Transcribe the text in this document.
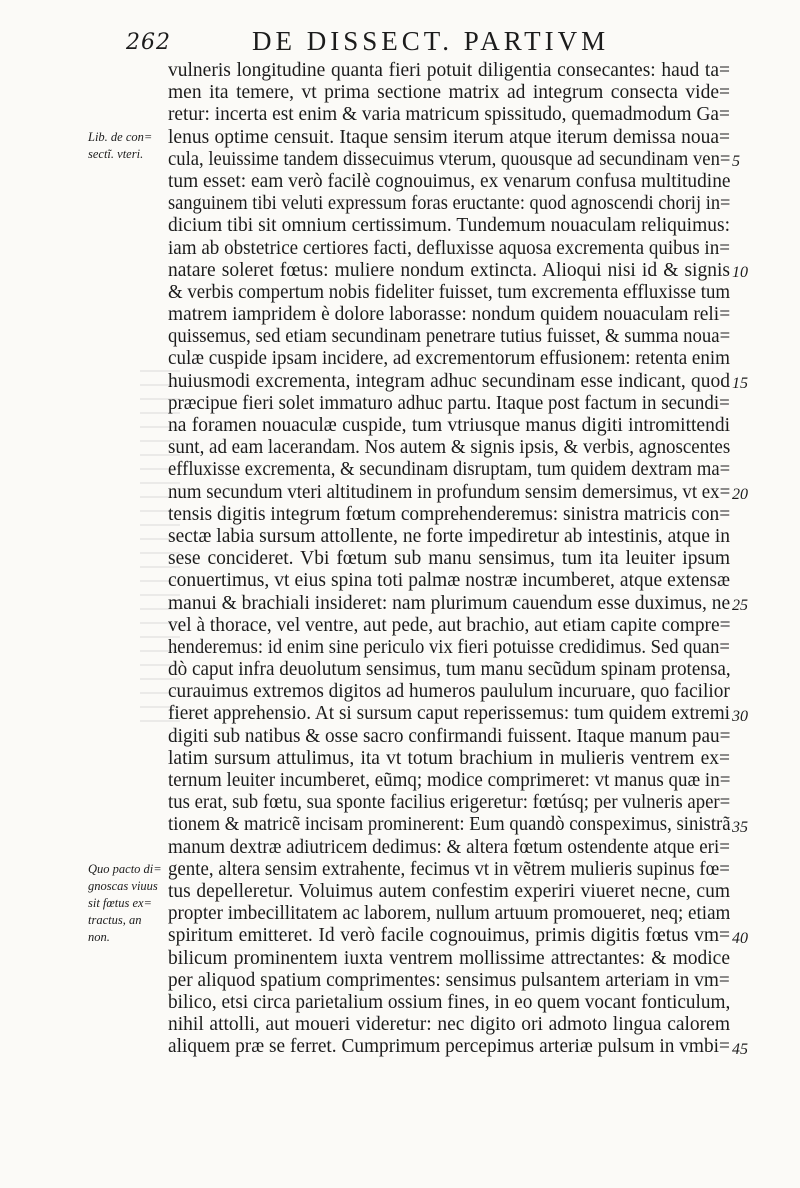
262	DE DISSECT. PARTIVM
vulneris longitudine quanta fieri potuit diligentia consecantes: haud ta=
men ita temere, vt prima sectione matrix ad integrum consecta vide=
retur: incerta est enim & varia matricum spissitudo, quemadmodum Ga=
lenus optime censuit. Itaque sensim iterum atque iterum demissa noua=
cula, leuissime tandem dissecuimus vterum, quousque ad secundinam ven=
tum esset: eam verò facilè cognouimus, ex venarum confusa multitudine
sanguinem tibi veluti expressum foras eructante: quod agnoscendi chorij in=
dicium tibi sit omnium certissimum. Tundemum nouaculam reliquimus:
iam ab obstetrice certiores facti, defluxisse aquosa excrementa quibus in=
natare soleret fœtus: muliere nondum extincta. Alioqui nisi id & signis
& verbis compertum nobis fideliter fuisset, tum excrementa effluxisse tum
matrem iampridem è dolore laborasse: nondum quidem nouaculam reli=
quissemus, sed etiam secundinam penetrare tutius fuisset, & summa noua=
culæ cuspide ipsam incidere, ad excrementorum effusionem: retenta enim
huiusmodi excrementa, integram adhuc secundinam esse indicant, quod
præcipue fieri solet immaturo adhuc partu. Itaque post factum in secundi=
na foramen nouaculæ cuspide, tum vtriusque manus digiti intromittendi
sunt, ad eam lacerandam. Nos autem & signis ipsis, & verbis, agnoscentes
effluxisse excrementa, & secundinam disruptam, tum quidem dextram ma=
num secundum vteri altitudinem in profundum sensim demersimus, vt ex=
tensis digitis integrum fœtum comprehenderemus: sinistra matricis con=
sectæ labia sursum attollente, ne forte impediretur ab intestinis, atque in
sese concideret. Vbi fœtum sub manu sensimus, tum ita leuiter ipsum
conuertimus, vt eius spina toti palmæ nostræ incumberet, atque extensæ
manui & brachiali insideret: nam plurimum cauendum esse duximus, ne
vel à thorace, vel ventre, aut pede, aut brachio, aut etiam capite compre=
henderemus: id enim sine periculo vix fieri potuisse credidimus. Sed quan=
dò caput infra deuolutum sensimus, tum manu secũdum spinam protensa,
curauimus extremos digitos ad humeros paululum incuruare, quo facilior
fieret apprehensio. At si sursum caput reperissemus: tum quidem extremi
digiti sub natibus & osse sacro confirmandi fuissent. Itaque manum pau=
latim sursum attulimus, ita vt totum brachium in mulieris ventrem ex=
ternum leuiter incumberet, eũmq; modice comprimeret: vt manus quæ in=
tus erat, sub fœtu, sua sponte facilius erigeretur: fœtúsq; per vulneris aper=
tionem & matricẽ incisam prominerent: Eum quandò conspeximus, sinistrã
manum dextræ adiutricem dedimus: & altera fœtum ostendente atque eri=
gente, altera sensim extrahente, fecimus vt in vẽtrem mulieris supinus fœ=
tus depelleretur. Voluimus autem confestim experiri viueret necne, cum
propter imbecillitatem ac laborem, nullum artuum promoueret, neq; etiam
spiritum emitteret. Id verò facile cognouimus, primis digitis fœtus vm=
bilicum prominentem iuxta ventrem mollissime attrectantes: & modice
per aliquod spatium comprimentes: sensimus pulsantem arteriam in vm=
bilico, etsi circa parietalium ossium fines, in eo quem vocant fonticulum,
nihil attolli, aut moueri videretur: nec digito ori admoto lingua calorem
aliquem præ se ferret. Cumprimum percepimus arteriæ pulsum in vmbi=
5
10
15
20
25
30
35
40
45
Lib. de con=
sectĩ. vteri.
Quo pacto di=
gnoscas viuus
sit fœtus ex=
tractus, an
non.
